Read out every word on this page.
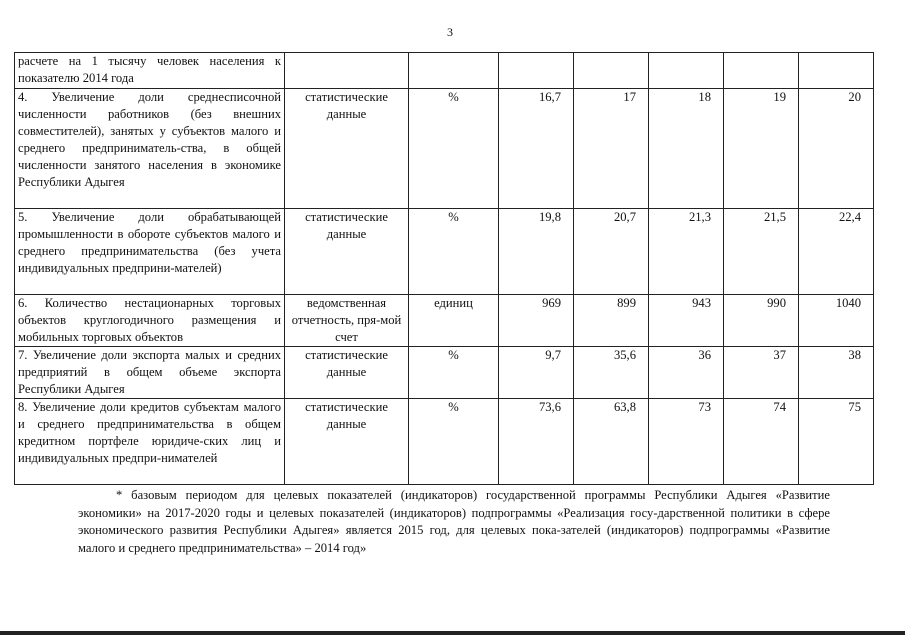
3
расчете на 1 тысячу человек населения к показателю 2014 года							
4. Увеличение доли среднесписочной численности работников (без внешних совместителей), занятых у субъектов малого и среднего предприниматель-ства, в общей численности занятого населения в экономике Республики Адыгея	статистические данные	%	16,7	17	18	19	20
5. Увеличение доли обрабатывающей промышленности в обороте субъектов малого и среднего предпринимательства (без учета индивидуальных предприни-мателей)	статистические данные	%	19,8	20,7	21,3	21,5	22,4
6. Количество нестационарных торговых объектов круглогодичного размещения и мобильных торговых объектов	ведомственная отчетность, пря-мой счет	единиц	969	899	943	990	1040
7. Увеличение доли экспорта малых и средних предприятий в общем объеме экспорта Республики Адыгея	статистические данные	%	9,7	35,6	36	37	38
8. Увеличение доли кредитов субъектам малого и среднего предпринимательства в общем кредитном портфеле юридиче-ских лиц и индивидуальных предпри-нимателей	статистические данные	%	73,6	63,8	73	74	75
* базовым периодом для целевых показателей (индикаторов) государственной программы Республики Адыгея «Развитие экономики» на 2017-2020 годы и целевых показателей (индикаторов) подпрограммы «Реализация госу-дарственной политики в сфере экономического развития Республики Адыгея» является 2015 год, для целевых пока-зателей (индикаторов) подпрограммы «Развитие малого и среднего предпринимательства» – 2014 год»
